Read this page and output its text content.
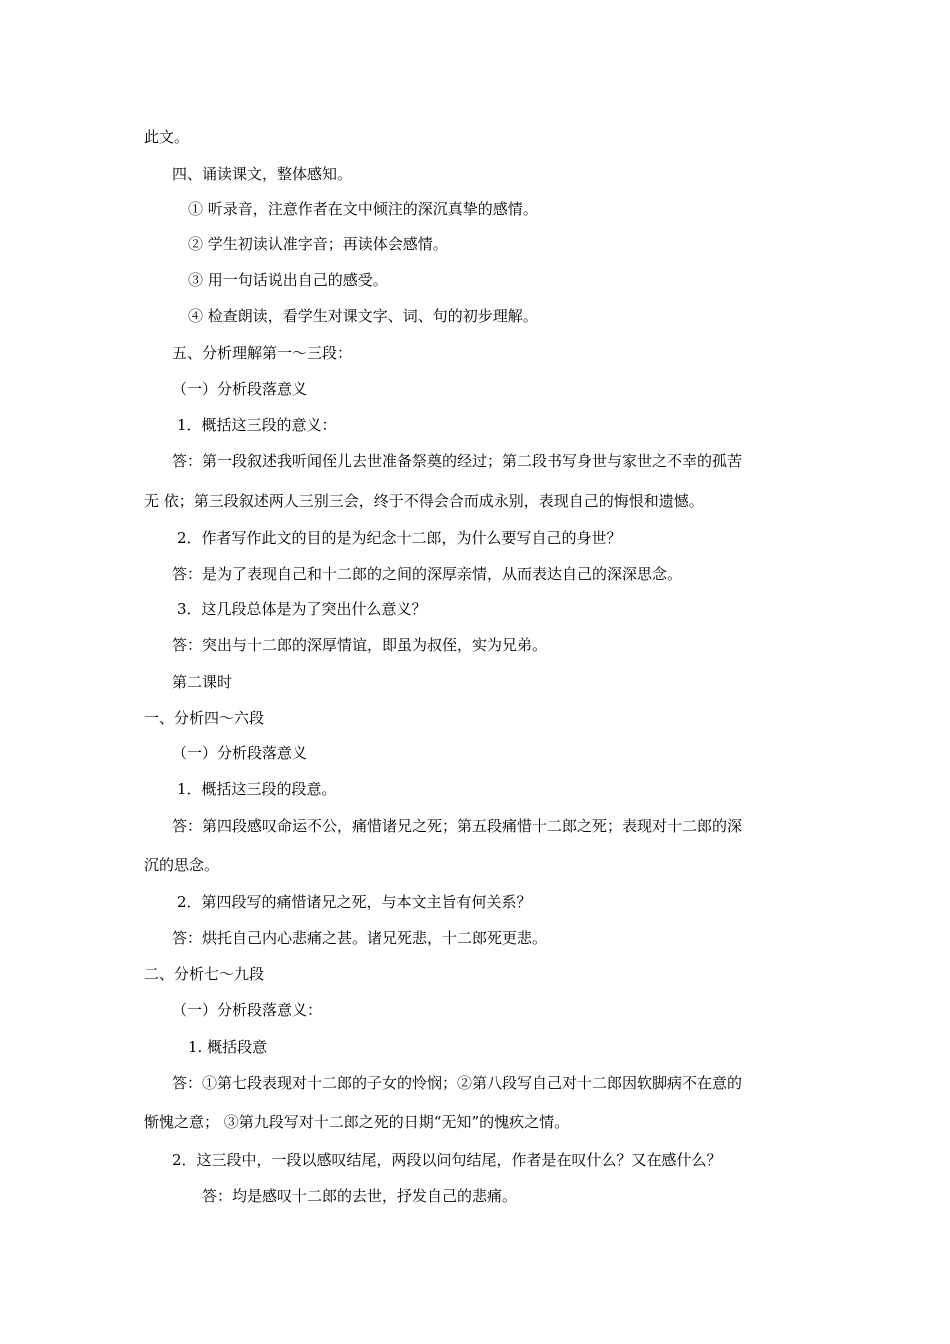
此文。
四、诵读课文，整体感知。
① 听录音，注意作者在文中倾注的深沉真挚的感情。
② 学生初读认准字音；再读体会感情。
③ 用一句话说出自己的感受。
④ 检查朗读，看学生对课文字、词、句的初步理解。
五、分析理解第一～三段：
（一）分析段落意义
1．概括这三段的意义：
答：第一段叙述我听闻侄儿去世准备祭奠的经过；第二段书写身世与家世之不幸的孤苦
无 依；第三段叙述两人三别三会，终于不得会合而成永别，表现自己的悔恨和遗憾。
2．作者写作此文的目的是为纪念十二郎，为什么要写自己的身世？
答：是为了表现自己和十二郎的之间的深厚亲情，从而表达自己的深深思念。
3．这几段总体是为了突出什么意义？
答：突出与十二郎的深厚情谊，即虽为叔侄，实为兄弟。
第二课时
一、分析四～六段
（一）分析段落意义
1．概括这三段的段意。
答：第四段感叹命运不公，痛惜诸兄之死；第五段痛惜十二郎之死；表现对十二郎的深
沉的思念。
2．第四段写的痛惜诸兄之死，与本文主旨有何关系？
答：烘托自己内心悲痛之甚。诸兄死悲，十二郎死更悲。
二、分析七～九段
（一）分析段落意义：
1. 概括段意
答：①第七段表现对十二郎的子女的怜悯；②第八段写自己对十二郎因软脚病不在意的
惭愧之意； ③第九段写对十二郎之死的日期“无知”的愧疚之情。
2．这三段中，一段以感叹结尾，两段以问句结尾，作者是在叹什么？又在感什么？
答：均是感叹十二郎的去世，抒发自己的悲痛。
